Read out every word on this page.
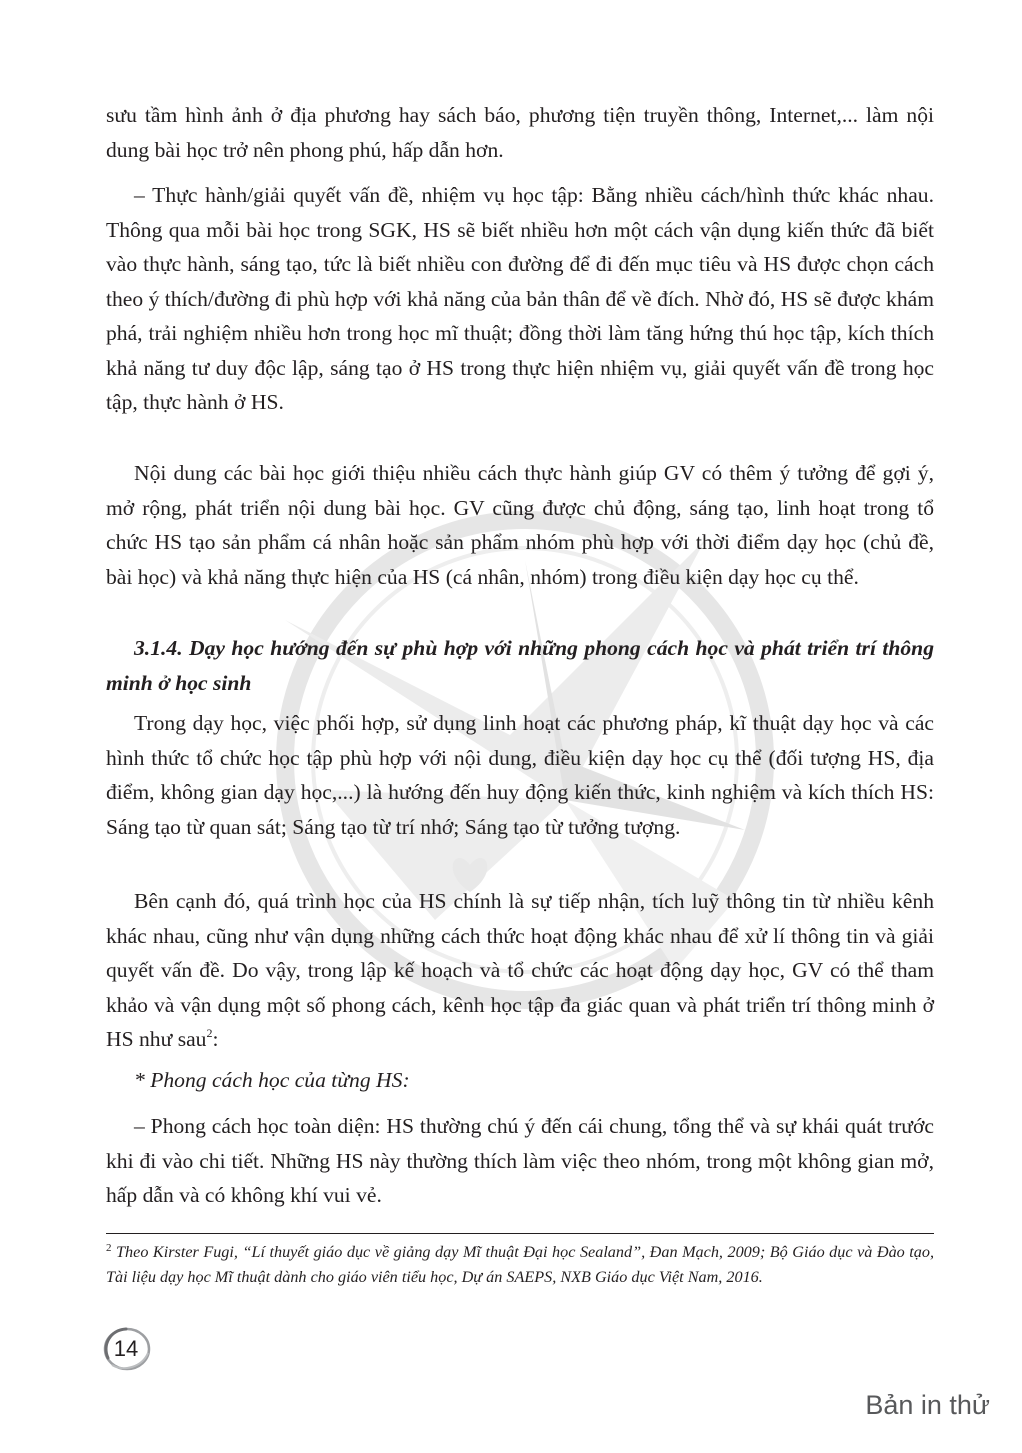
sưu tầm hình ảnh ở địa phương hay sách báo, phương tiện truyền thông, Internet,... làm nội dung bài học trở nên phong phú, hấp dẫn hơn.

– Thực hành/giải quyết vấn đề, nhiệm vụ học tập: Bằng nhiều cách/hình thức khác nhau. Thông qua mỗi bài học trong SGK, HS sẽ biết nhiều hơn một cách vận dụng kiến thức đã biết vào thực hành, sáng tạo, tức là biết nhiều con đường để đi đến mục tiêu và HS được chọn cách theo ý thích/đường đi phù hợp với khả năng của bản thân để về đích. Nhờ đó, HS sẽ được khám phá, trải nghiệm nhiều hơn trong học mĩ thuật; đồng thời làm tăng hứng thú học tập, kích thích khả năng tư duy độc lập, sáng tạo ở HS trong thực hiện nhiệm vụ, giải quyết vấn đề trong học tập, thực hành ở HS.

Nội dung các bài học giới thiệu nhiều cách thực hành giúp GV có thêm ý tưởng để gợi ý, mở rộng, phát triển nội dung bài học. GV cũng được chủ động, sáng tạo, linh hoạt trong tổ chức HS tạo sản phẩm cá nhân hoặc sản phẩm nhóm phù hợp với thời điểm dạy học (chủ đề, bài học) và khả năng thực hiện của HS (cá nhân, nhóm) trong điều kiện dạy học cụ thể.

3.1.4. Dạy học hướng đến sự phù hợp với những phong cách học và phát triển trí thông minh ở học sinh

Trong dạy học, việc phối hợp, sử dụng linh hoạt các phương pháp, kĩ thuật dạy học và các hình thức tổ chức học tập phù hợp với nội dung, điều kiện dạy học cụ thể (đối tượng HS, địa điểm, không gian dạy học,...) là hướng đến huy động kiến thức, kinh nghiệm và kích thích HS: Sáng tạo từ quan sát; Sáng tạo từ trí nhớ; Sáng tạo từ tưởng tượng.

Bên cạnh đó, quá trình học của HS chính là sự tiếp nhận, tích luỹ thông tin từ nhiều kênh khác nhau, cũng như vận dụng những cách thức hoạt động khác nhau để xử lí thông tin và giải quyết vấn đề. Do vậy, trong lập kế hoạch và tổ chức các hoạt động dạy học, GV có thể tham khảo và vận dụng một số phong cách, kênh học tập đa giác quan và phát triển trí thông minh ở HS như sau$^2$:

* Phong cách học của từng HS:

– Phong cách học toàn diện: HS thường chú ý đến cái chung, tổng thể và sự khái quát trước khi đi vào chi tiết. Những HS này thường thích làm việc theo nhóm, trong một không gian mở, hấp dẫn và có không khí vui vẻ.

$^2$ Theo Kirster Fugi, “Lí thuyết giáo dục về giảng dạy Mĩ thuật Đại học Sealand”, Đan Mạch, 2009; Bộ Giáo dục và Đào tạo, Tài liệu dạy học Mĩ thuật dành cho giáo viên tiểu học, Dự án SAEPS, NXB Giáo dục Việt Nam, 2016.

14
Bản in thử
